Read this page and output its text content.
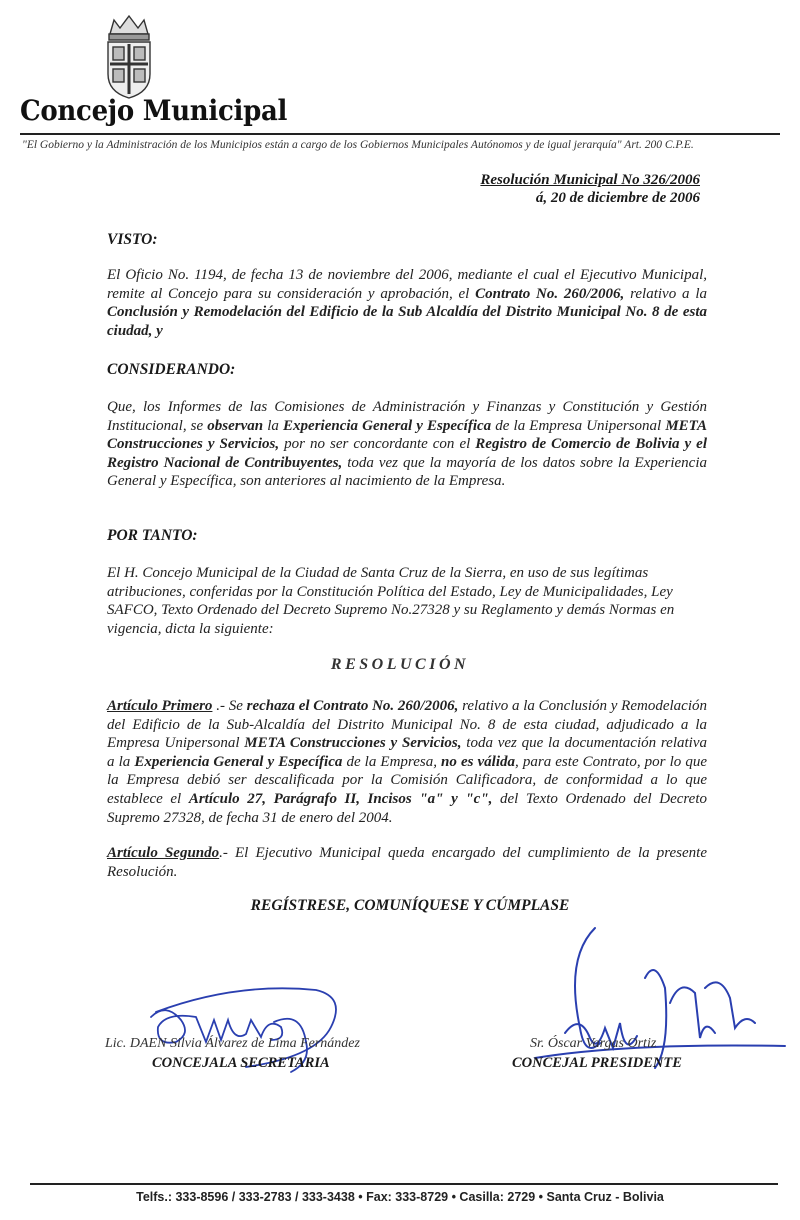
Concejo Municipal
"El Gobierno y la Administración de los Municipios están a cargo de los Gobiernos Municipales Autónomos y de igual jerarquía" Art. 200 C.P.E.
Resolución Municipal No 326/2006
á, 20 de diciembre de 2006
VISTO:
El Oficio No. 1194, de fecha 13 de noviembre del 2006, mediante el cual el Ejecutivo Municipal, remite al Concejo para su consideración y aprobación, el Contrato No. 260/2006, relativo a la Conclusión y Remodelación del Edificio de la Sub Alcaldía del Distrito Municipal No. 8 de esta ciudad, y
CONSIDERANDO:
Que, los Informes de las Comisiones de Administración y Finanzas y Constitución y Gestión Institucional, se observan la Experiencia General y Específica de la Empresa Unipersonal META Construcciones y Servicios, por no ser concordante con el Registro de Comercio de Bolivia y el Registro Nacional de Contribuyentes, toda vez que la mayoría de los datos sobre la Experiencia General y Específica, son anteriores al nacimiento de la Empresa.
POR TANTO:
El H. Concejo Municipal de la Ciudad de Santa Cruz de la Sierra, en uso de sus legítimas atribuciones, conferidas por la Constitución Política del Estado, Ley de Municipalidades, Ley SAFCO, Texto Ordenado del Decreto Supremo No.27328 y su Reglamento y demás Normas en vigencia, dicta la siguiente:
RESOLUCIÓN
Artículo Primero .- Se rechaza el Contrato No. 260/2006, relativo a la Conclusión y Remodelación del Edificio de la Sub-Alcaldía del Distrito Municipal No. 8 de esta ciudad, adjudicado a la Empresa Unipersonal META Construcciones y Servicios, toda vez que la documentación relativa a la Experiencia General y Específica de la Empresa, no es válida, para este Contrato, por lo que la Empresa debió ser descalificada por la Comisión Calificadora, de conformidad a lo que establece el Artículo 27, Parágrafo II, Incisos "a" y "c", del Texto Ordenado del Decreto Supremo 27328, de fecha 31 de enero del 2004.
Artículo Segundo.- El Ejecutivo Municipal queda encargado del cumplimiento de la presente Resolución.
REGÍSTRESE, COMUNÍQUESE Y CÚMPLASE
Lic. DAEN Silvia Álvarez de Lima Fernández
CONCEJALA SECRETARIA
Sr. Óscar Vargas Ortiz
CONCEJAL PRESIDENTE
Telfs.: 333-8596 / 333-2783 / 333-3438 • Fax: 333-8729 • Casilla: 2729 • Santa Cruz - Bolivia
